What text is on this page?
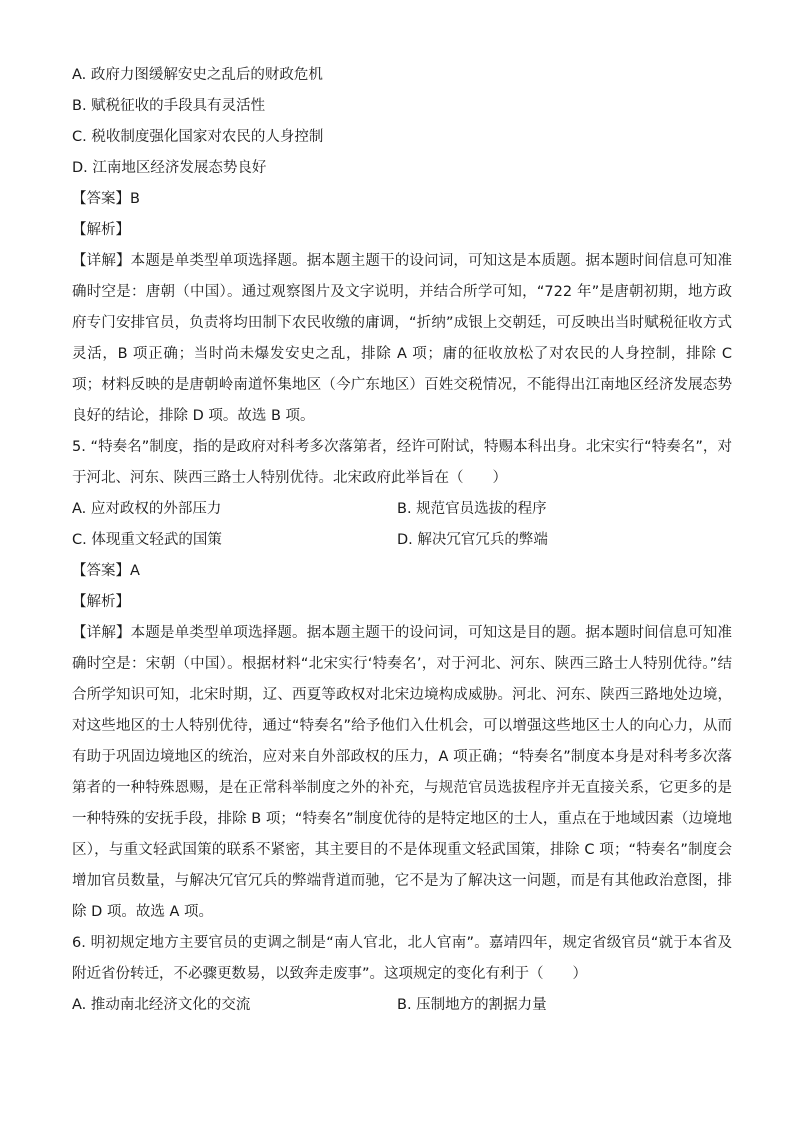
A. 政府力图缓解安史之乱后的财政危机
B. 赋税征收的手段具有灵活性
C. 税收制度强化国家对农民的人身控制
D. 江南地区经济发展态势良好
【答案】B
【解析】
【详解】本题是单类型单项选择题。据本题主题干的设问词，可知这是本质题。据本题时间信息可知准确时空是：唐朝（中国）。通过观察图片及文字说明，并结合所学可知，“722 年”是唐朝初期，地方政府专门安排官员，负责将均田制下农民收缴的庸调，“折纳”成银上交朝廷，可反映出当时赋税征收方式灵活，B 项正确；当时尚未爆发安史之乱，排除 A 项；庸的征收放松了对农民的人身控制，排除 C 项；材料反映的是唐朝岭南道怀集地区（今广东地区）百姓交税情况，不能得出江南地区经济发展态势良好的结论，排除 D 项。故选 B 项。
5. “特奏名”制度，指的是政府对科考多次落第者，经许可附试，特赐本科出身。北宋实行“特奏名”，对于河北、河东、陕西三路士人特别优待。北宋政府此举旨在（　　）
A. 应对政权的外部压力	B. 规范官员选拔的程序
C. 体现重文轻武的国策	D. 解决冗官冗兵的弊端
【答案】A
【解析】
【详解】本题是单类型单项选择题。据本题主题干的设问词，可知这是目的题。据本题时间信息可知准确时空是：宋朝（中国）。根据材料“北宋实行‘特奏名’，对于河北、河东、陕西三路士人特别优待。”结合所学知识可知，北宋时期，辽、西夏等政权对北宋边境构成威胁。河北、河东、陕西三路地处边境，对这些地区的士人特别优待，通过“特奏名”给予他们入仕机会，可以增强这些地区士人的向心力，从而有助于巩固边境地区的统治，应对来自外部政权的压力，A 项正确；“特奏名”制度本身是对科考多次落第者的一种特殊恩赐，是在正常科举制度之外的补充，与规范官员选拔程序并无直接关系，它更多的是一种特殊的安抚手段，排除 B 项；“特奏名”制度优待的是特定地区的士人，重点在于地域因素（边境地区），与重文轻武国策的联系不紧密，其主要目的不是体现重文轻武国策，排除 C 项；“特奏名”制度会增加官员数量，与解决冗官冗兵的弊端背道而驰，它不是为了解决这一问题，而是有其他政治意图，排除 D 项。故选 A 项。
6. 明初规定地方主要官员的吏调之制是“南人官北，北人官南”。嘉靖四年，规定省级官员“就于本省及附近省份转迁，不必骤更数易，以致奔走废事”。这项规定的变化有利于（　　）
A. 推动南北经济文化的交流	B. 压制地方的割据力量
